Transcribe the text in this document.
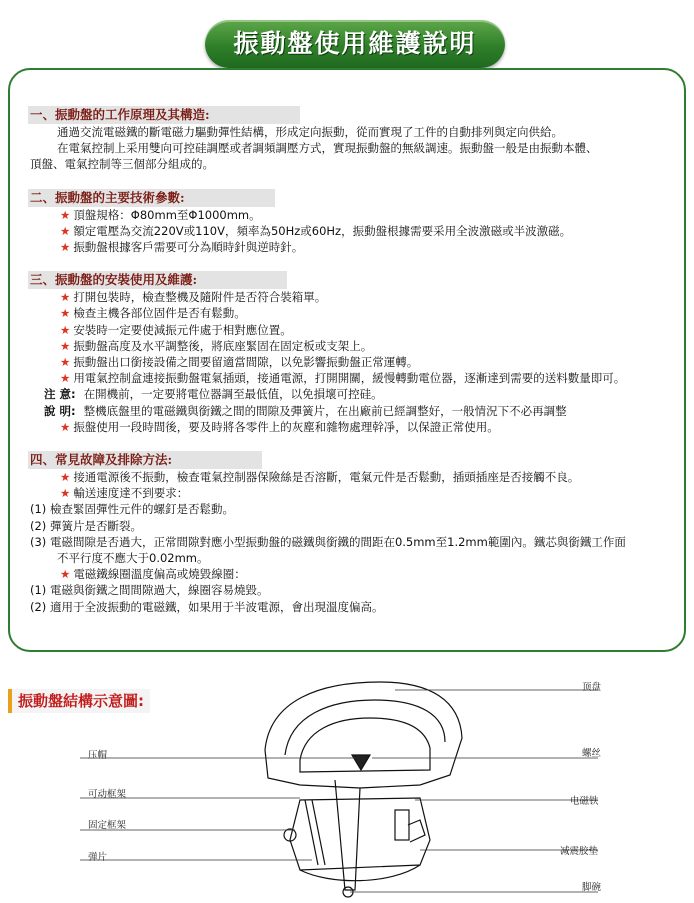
振動盤使用維護說明
一、振動盤的工作原理及其構造:

通過交流電磁鐵的斷電磁力驅動彈性結構，形成定向振動，從而實現了工件的自動排列與定向供給。

在電氣控制上采用雙向可控硅調壓或者調頻調壓方式，實現振動盤的無級調速。振動盤一般是由振動本體、

頂盤、電氣控制等三個部分組成的。

二、振動盤的主要技術參數:

★ 頂盤規格：Φ80mm至Φ1000mm。

★ 額定電壓為交流220V或110V，頻率為50Hz或60Hz，振動盤根據需要采用全波激磁或半波激磁。

★ 振動盤根據客戶需要可分為順時針與逆時針。

三、振動盤的安裝使用及維護:

★ 打開包裝時，檢查整機及隨附件是否符合裝箱單。

★ 檢查主機各部位固件是否有鬆動。

★ 安裝時一定要使減振元件處于相對應位置。

★ 振動盤高度及水平調整後，將底座緊固在固定板或支架上。

★ 振動盤出口銜接設備之間要留適當間隙，以免影響振動盤正常運轉。

★ 用電氣控制盒連接振動盤電氣插頭，接通電源，打開開關，緩慢轉動電位器，逐漸達到需要的送料數量即可。

注 意: 在開機前，一定要將電位器調至最低值，以免損壞可控硅。

說 明: 整機底盤里的電磁鐵與銜鐵之間的間隙及彈簧片，在出廠前已經調整好，一般情況下不必再調整

★ 振盤使用一段時間後，要及時將各零件上的灰塵和雜物處理幹凈，以保證正常使用。

四、常見故障及排除方法:

★ 接通電源後不振動，檢查電氣控制器保險絲是否溶斷，電氣元件是否鬆動，插頭插座是否接觸不良。

★ 輸送速度達不到要求：

(1) 檢查緊固彈性元件的螺釘是否鬆動。

(2) 彈簧片是否斷裂。

(3) 電磁間隙是否過大，正常間隙對應小型振動盤的磁鐵與銜鐵的間距在0.5mm至1.2mm範圍內。鐵芯與銜鐵工作面

不平行度不應大于0.02mm。

★ 電磁鐵線圈溫度偏高或燒毀線圈：

(1) 電磁與銜鐵之間間隙過大，線圈容易燒毀。

(2) 適用于全波振動的電磁鐵，如果用于半波電源，會出現溫度偏高。

振動盤結構示意圖:
顶盘
压帽	螺丝
可动框架
电磁铁
固定框架
弹片
减震胶垫
脚碗
